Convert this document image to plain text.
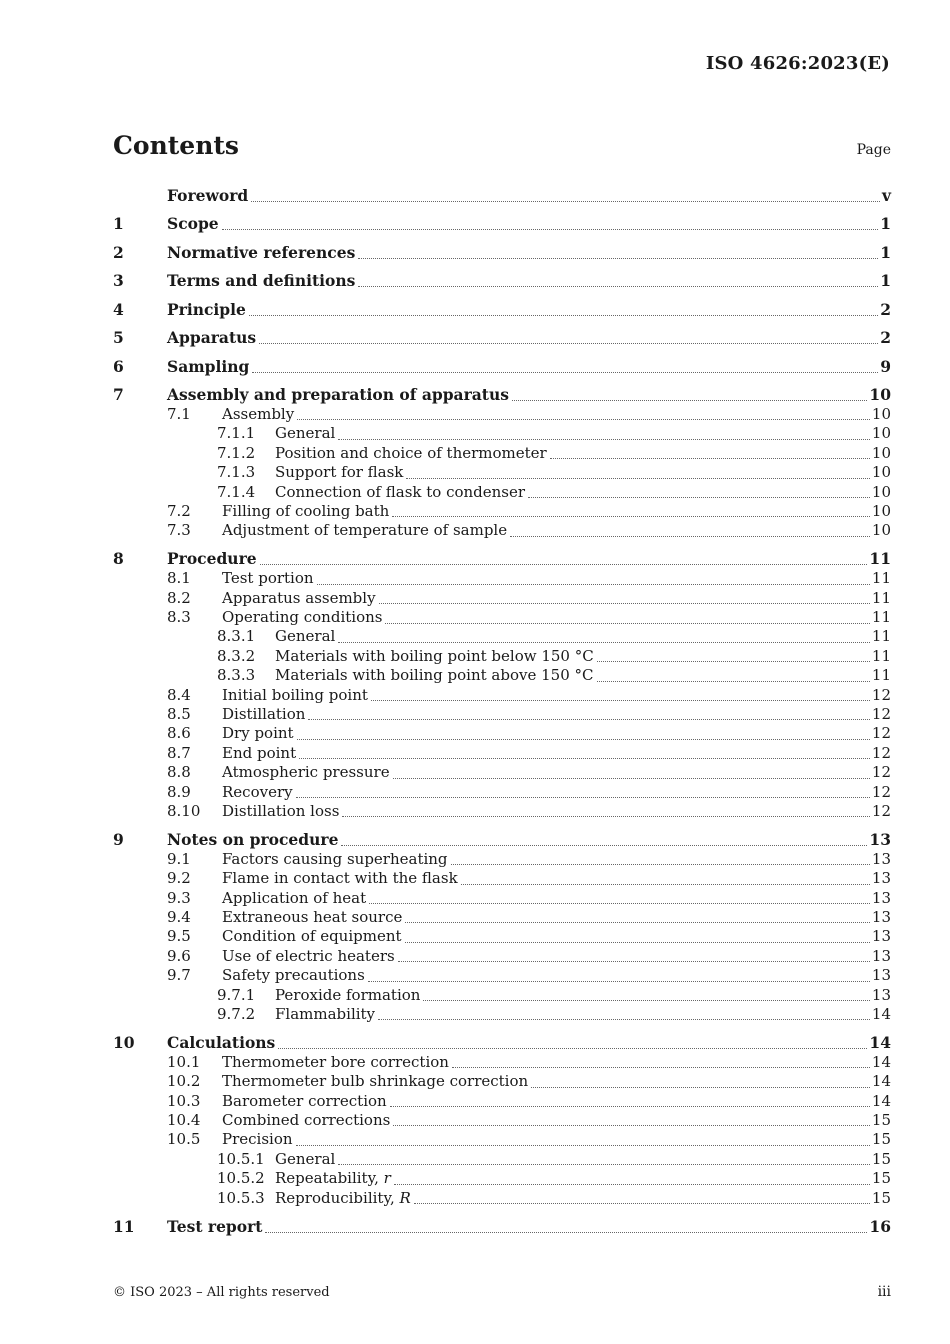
ISO 4626:2023(E)
Contents	Page
Foreword	v
1	Scope	1
2	Normative references	1
3	Terms and definitions	1
4	Principle	2
5	Apparatus	2
6	Sampling	9
7	Assembly and preparation of apparatus	10
7.1	Assembly	10
7.1.1	General	10
7.1.2	Position and choice of thermometer	10
7.1.3	Support for flask	10
7.1.4	Connection of flask to condenser	10
7.2	Filling of cooling bath	10
7.3	Adjustment of temperature of sample	10
8	Procedure	11
8.1	Test portion	11
8.2	Apparatus assembly	11
8.3	Operating conditions	11
8.3.1	General	11
8.3.2	Materials with boiling point below 150 °C	11
8.3.3	Materials with boiling point above 150 °C	11
8.4	Initial boiling point	12
8.5	Distillation	12
8.6	Dry point	12
8.7	End point	12
8.8	Atmospheric pressure	12
8.9	Recovery	12
8.10	Distillation loss	12
9	Notes on procedure	13
9.1	Factors causing superheating	13
9.2	Flame in contact with the flask	13
9.3	Application of heat	13
9.4	Extraneous heat source	13
9.5	Condition of equipment	13
9.6	Use of electric heaters	13
9.7	Safety precautions	13
9.7.1	Peroxide formation	13
9.7.2	Flammability	14
10	Calculations	14
10.1	Thermometer bore correction	14
10.2	Thermometer bulb shrinkage correction	14
10.3	Barometer correction	14
10.4	Combined corrections	15
10.5	Precision	15
10.5.1 General	15
10.5.2 Repeatability, r	15
10.5.3 Reproducibility, R	15
11	Test report	16
© ISO 2023 – All rights reserved	iii
